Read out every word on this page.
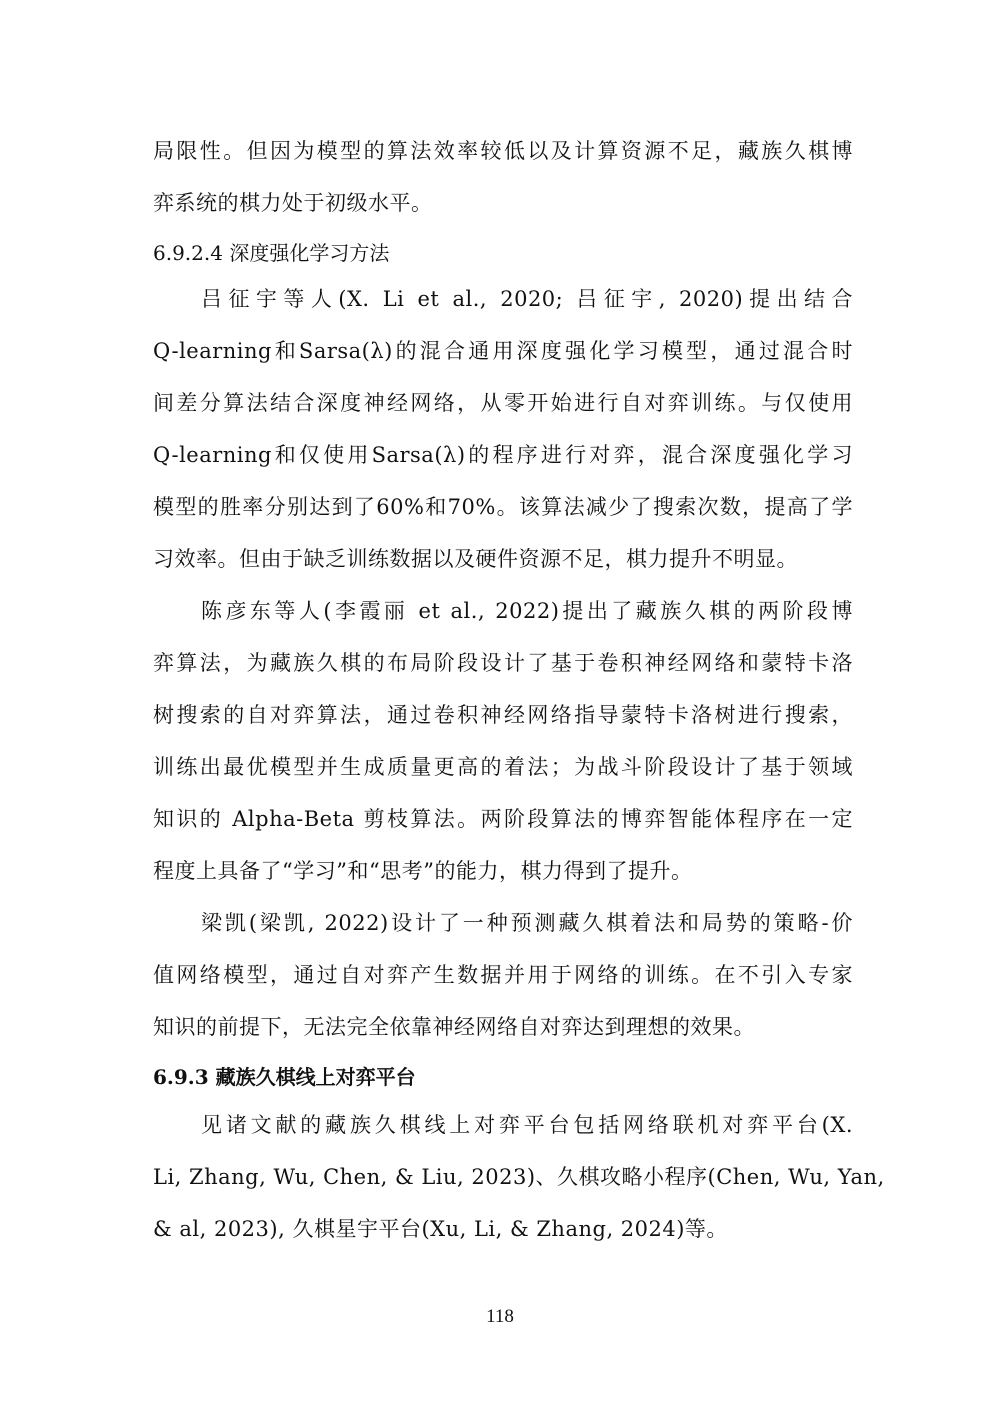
局限性。但因为模型的算法效率较低以及计算资源不足，藏族久棋博
弈系统的棋力处于初级水平。
6.9.2.4 深度强化学习方法
吕征宇等人(X. Li et al., 2020; 吕征宇, 2020)提出结合
Q-learning和Sarsa(λ)的混合通用深度强化学习模型，通过混合时
间差分算法结合深度神经网络，从零开始进行自对弈训练。与仅使用
Q-learning和仅使用Sarsa(λ)的程序进行对弈，混合深度强化学习
模型的胜率分别达到了60%和70%。该算法减少了搜索次数，提高了学
习效率。但由于缺乏训练数据以及硬件资源不足，棋力提升不明显。
陈彦东等人(李霞丽 et al., 2022)提出了藏族久棋的两阶段博
弈算法，为藏族久棋的布局阶段设计了基于卷积神经网络和蒙特卡洛
树搜索的自对弈算法，通过卷积神经网络指导蒙特卡洛树进行搜索，
训练出最优模型并生成质量更高的着法；为战斗阶段设计了基于领域
知识的 Alpha-Beta 剪枝算法。两阶段算法的博弈智能体程序在一定
程度上具备了“学习”和“思考”的能力，棋力得到了提升。
梁凯(梁凯, 2022)设计了一种预测藏久棋着法和局势的策略-价
值网络模型，通过自对弈产生数据并用于网络的训练。在不引入专家
知识的前提下，无法完全依靠神经网络自对弈达到理想的效果。
6.9.3 藏族久棋线上对弈平台
见诸文献的藏族久棋线上对弈平台包括网络联机对弈平台(X.
Li, Zhang, Wu, Chen, & Liu, 2023)、久棋攻略小程序(Chen, Wu, Yan,
& al, 2023), 久棋星宇平台(Xu, Li, & Zhang, 2024)等。
118
